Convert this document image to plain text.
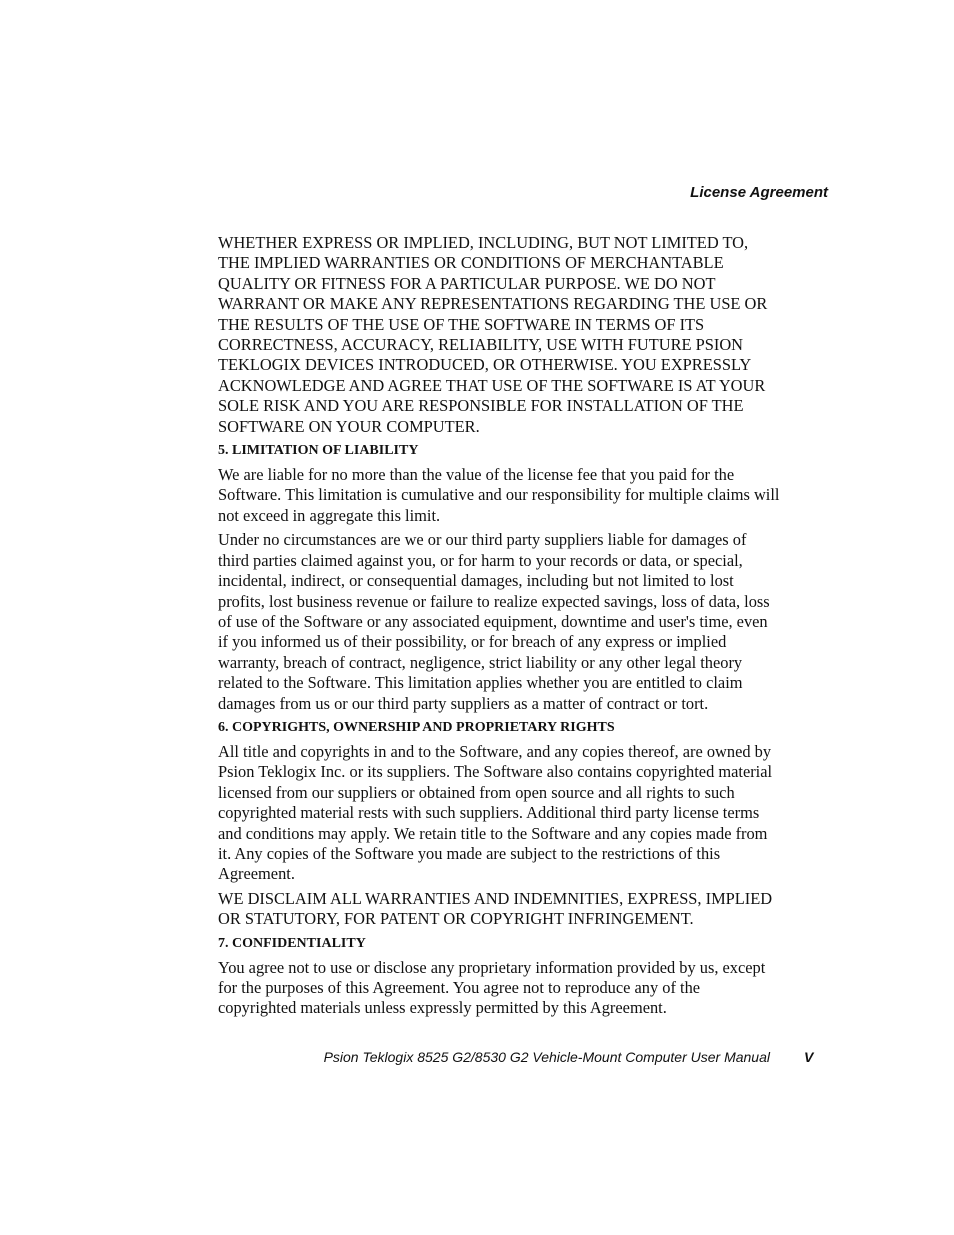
License Agreement

WHETHER EXPRESS OR IMPLIED, INCLUDING, BUT NOT LIMITED TO, THE IMPLIED WARRANTIES OR CONDITIONS OF MERCHANTABLE QUALITY OR FITNESS FOR A PARTICULAR PURPOSE. WE DO NOT WARRANT OR MAKE ANY REPRESENTATIONS REGARDING THE USE OR THE RESULTS OF THE USE OF THE SOFTWARE IN TERMS OF ITS CORRECTNESS, ACCURACY, RELIABILITY, USE WITH FUTURE PSION TEKLOGIX DEVICES INTRODUCED, OR OTHERWISE. YOU EXPRESSLY ACKNOWLEDGE AND AGREE THAT USE OF THE SOFTWARE IS AT YOUR SOLE RISK AND YOU ARE RESPONSIBLE FOR INSTALLATION OF THE SOFTWARE ON YOUR COMPUTER.

5. LIMITATION OF LIABILITY

We are liable for no more than the value of the license fee that you paid for the Software. This limitation is cumulative and our responsibility for multiple claims will not exceed in aggregate this limit.

Under no circumstances are we or our third party suppliers liable for damages of third parties claimed against you, or for harm to your records or data, or special, incidental, indirect, or consequential damages, including but not limited to lost profits, lost business revenue or failure to realize expected savings, loss of data, loss of use of the Software or any associated equipment, downtime and user's time, even if you informed us of their possibility, or for breach of any express or implied warranty, breach of contract, negligence, strict liability or any other legal theory related to the Software. This limitation applies whether you are entitled to claim damages from us or our third party suppliers as a matter of contract or tort.

6. COPYRIGHTS, OWNERSHIP AND PROPRIETARY RIGHTS

All title and copyrights in and to the Software, and any copies thereof, are owned by Psion Teklogix Inc. or its suppliers. The Software also contains copyrighted material licensed from our suppliers or obtained from open source and all rights to such copyrighted material rests with such suppliers. Additional third party license terms and conditions may apply. We retain title to the Software and any copies made from it. Any copies of the Software you made are subject to the restrictions of this Agreement.

WE DISCLAIM ALL WARRANTIES AND INDEMNITIES, EXPRESS, IMPLIED OR STATUTORY, FOR PATENT OR COPYRIGHT INFRINGEMENT.

7. CONFIDENTIALITY

You agree not to use or disclose any proprietary information provided by us, except for the purposes of this Agreement. You agree not to reproduce any of the copyrighted materials unless expressly permitted by this Agreement.

Psion Teklogix 8525 G2/8530 G2 Vehicle-Mount Computer User Manual V
